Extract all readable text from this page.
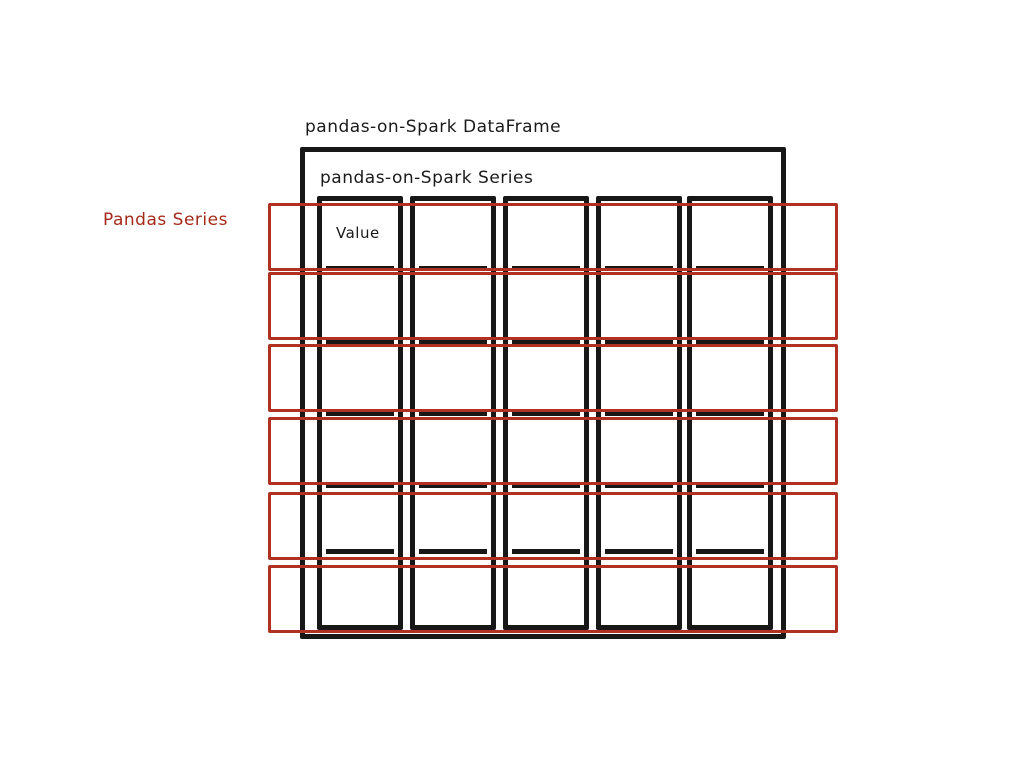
pandas-on-Spark DataFrame
pandas-on-Spark Series
Value
Pandas Series
